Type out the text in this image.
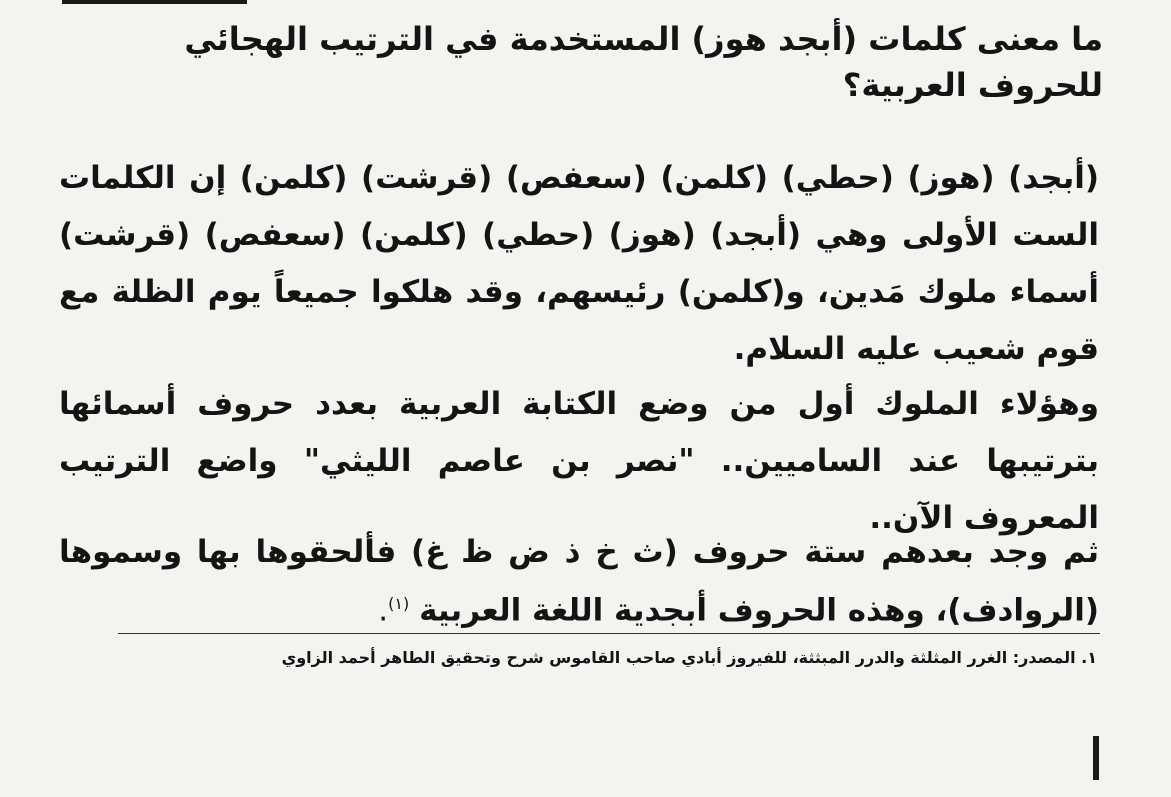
ما معنى كلمات (أبجد هوز) المستخدمة في الترتيب الهجائي للحروف العربية؟
(أبجد) (هوز) (حطي) (كلمن) (سعفص) (قرشت) (كلمن) إن الكلمات الست الأولى وهي (أبجد) (هوز) (حطي) (كلمن) (سعفص) (قرشت) أسماء ملوك مَدين، و(كلمن) رئيسهم، وقد هلكوا جميعاً يوم الظلة مع قوم شعيب عليه السلام.
وهؤلاء الملوك أول من وضع الكتابة العربية بعدد حروف أسمائها بترتيبها عند الساميين.. "نصر بن عاصم الليثي" واضع الترتيب المعروف الآن..
ثم وجد بعدهم ستة حروف (ث خ ذ ض ظ غ) فألحقوها بها وسموها (الروادف)، وهذه الحروف أبجدية اللغة العربية $^{(١)}$.
١. المصدر: الغرر المثلثة والدرر المبثثة، للفيروز أبادي صاحب القاموس شرح وتحقيق الطاهر أحمد الزاوي
